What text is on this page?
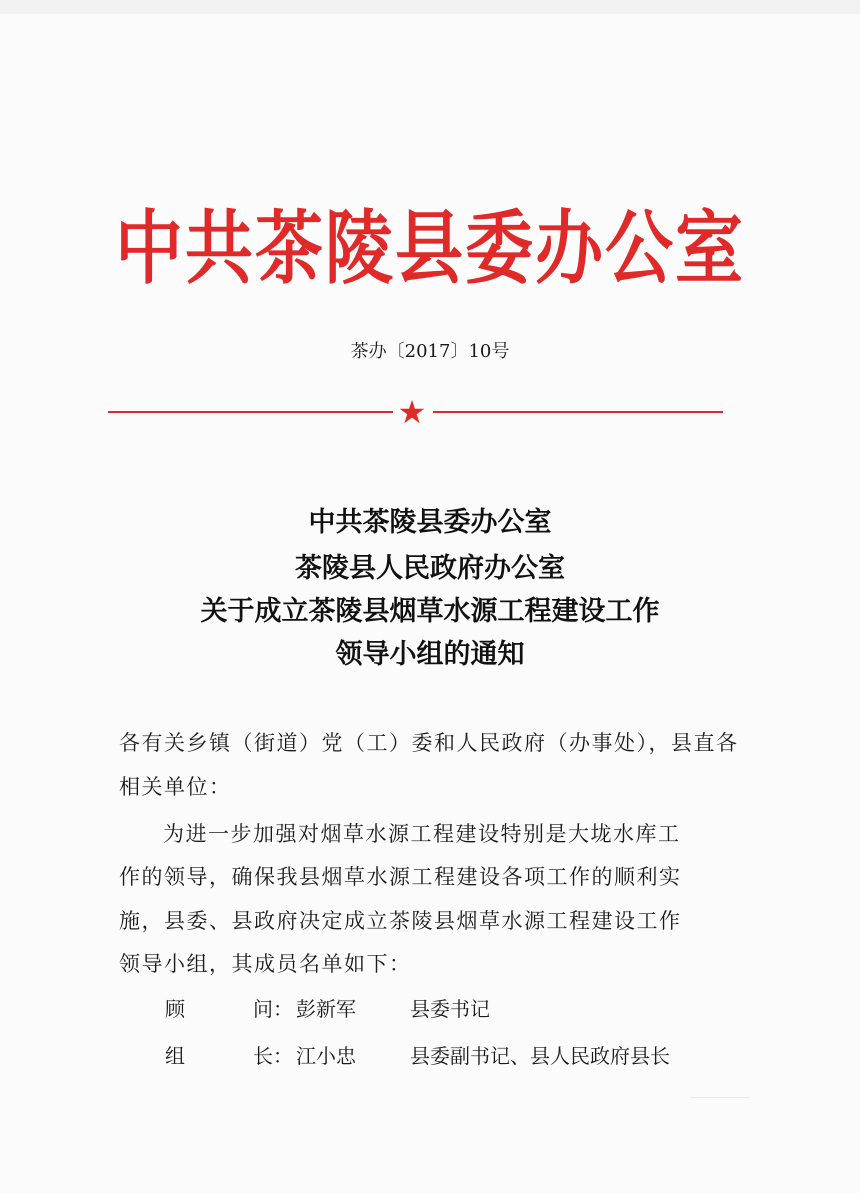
中共茶陵县委办公室
茶办〔2017〕10号
★
中共茶陵县委办公室
茶陵县人民政府办公室
关于成立茶陵县烟草水源工程建设工作
领导小组的通知
各有关乡镇（街道）党（工）委和人民政府（办事处），县直各
相关单位：
为进一步加强对烟草水源工程建设特别是大垅水库工
作的领导，确保我县烟草水源工程建设各项工作的顺利实
施，县委、县政府决定成立茶陵县烟草水源工程建设工作
领导小组，其成员名单如下：
顾	问： 彭新军	县委书记
组	长： 江小忠	县委副书记、县人民政府县长
